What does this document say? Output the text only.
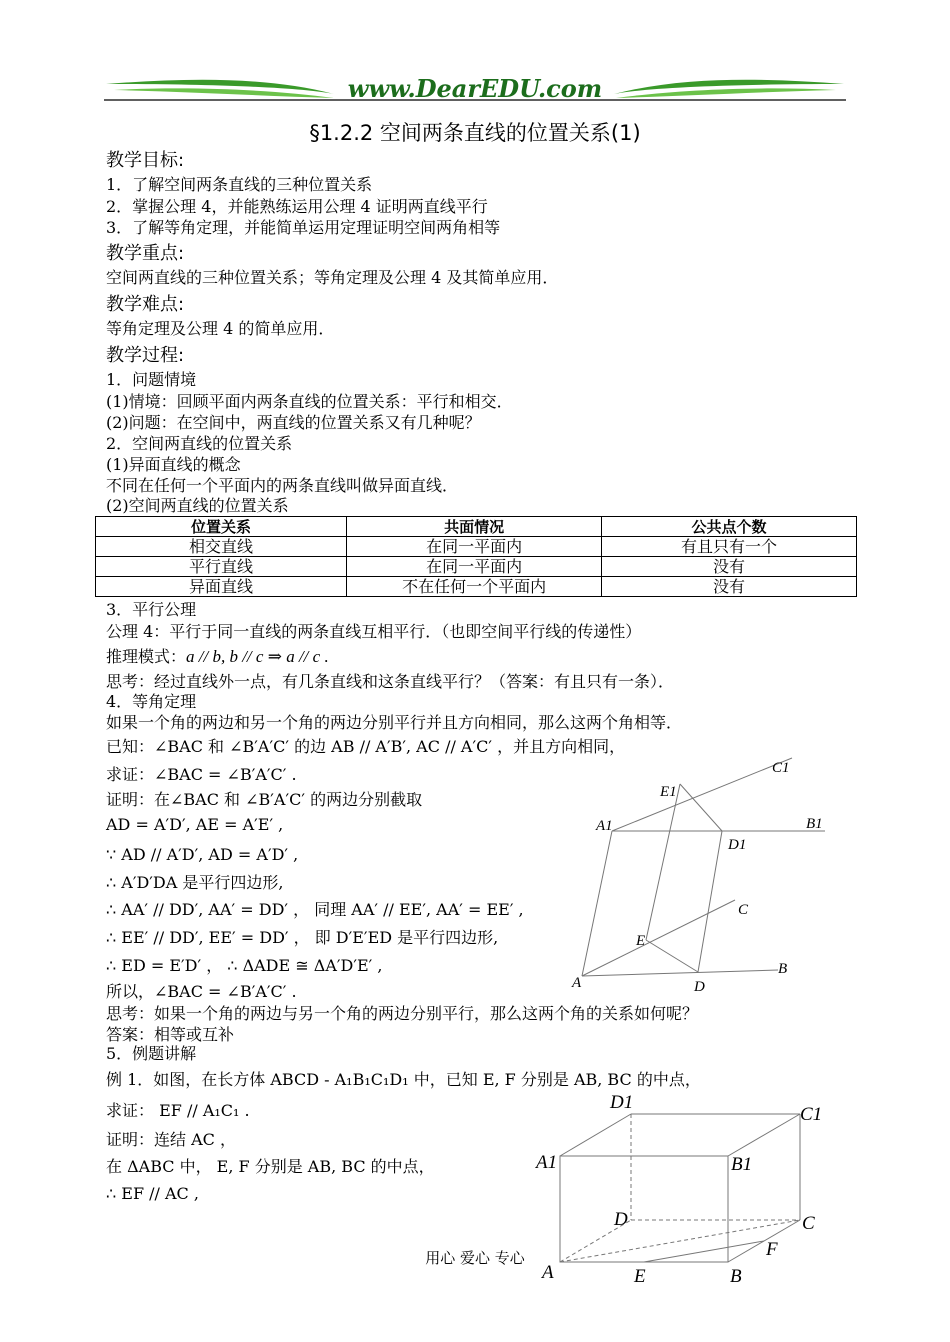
www.DearEDU.com
§1.2.2 空间两条直线的位置关系(1)
教学目标:
1．了解空间两条直线的三种位置关系
2．掌握公理 4，并能熟练运用公理 4 证明两直线平行
3．了解等角定理，并能简单运用定理证明空间两角相等
教学重点:
空间两直线的三种位置关系；等角定理及公理 4 及其简单应用．
教学难点:
等角定理及公理 4 的简单应用．
教学过程:
1．问题情境
(1)情境：回顾平面内两条直线的位置关系：平行和相交．
(2)问题：在空间中，两直线的位置关系又有几种呢？
2．空间两直线的位置关系
(1)异面直线的概念
不同在任何一个平面内的两条直线叫做异面直线．
(2)空间两直线的位置关系
位置关系	共面情况	公共点个数
相交直线	在同一平面内	有且只有一个
平行直线	在同一平面内	没有
异面直线	不在任何一个平面内	没有
3．平行公理
公理 4：平行于同一直线的两条直线互相平行．（也即空间平行线的传递性）
推理模式：a // b, b // c ⇒ a // c .
思考：经过直线外一点，有几条直线和这条直线平行？（答案：有且只有一条）．
4．等角定理
如果一个角的两边和另一个角的两边分别平行并且方向相同，那么这两个角相等．
已知：∠BAC 和 ∠B′A′C′ 的边 AB // A′B′, AC // A′C′ ，并且方向相同，
求证：∠BAC = ∠B′A′C′ .
证明：在∠BAC 和 ∠B′A′C′ 的两边分别截取
AD = A′D′, AE = A′E′ ,
∵ AD // A′D′, AD = A′D′ ,
∴ A′D′DA 是平行四边形,
∴ AA′ // DD′, AA′ = DD′ ， 同理 AA′ // EE′, AA′ = EE′ ,
∴ EE′ // DD′, EE′ = DD′ ， 即 D′E′ED 是平行四边形,
∴ ED = E′D′ ， ∴ ΔADE ≅ ΔA′D′E′ ,
所以，∠BAC = ∠B′A′C′ .
思考：如果一个角的两边与另一个角的两边分别平行，那么这两个角的关系如何呢？
答案：相等或互补
5．例题讲解
例 1．如图，在长方体 ABCD - A₁B₁C₁D₁ 中，已知 E, F 分别是 AB, BC 的中点，
求证： EF // A₁C₁ .
证明：连结 AC ，
在 ΔABC 中， E, F 分别是 AB, BC 的中点，
∴ EF // AC ,
C1
E1
A1	B1
D1
C
E
A	D
B
D1
C1
A1	B1
D	C
F
A	E	B
用心 爱心 专心
